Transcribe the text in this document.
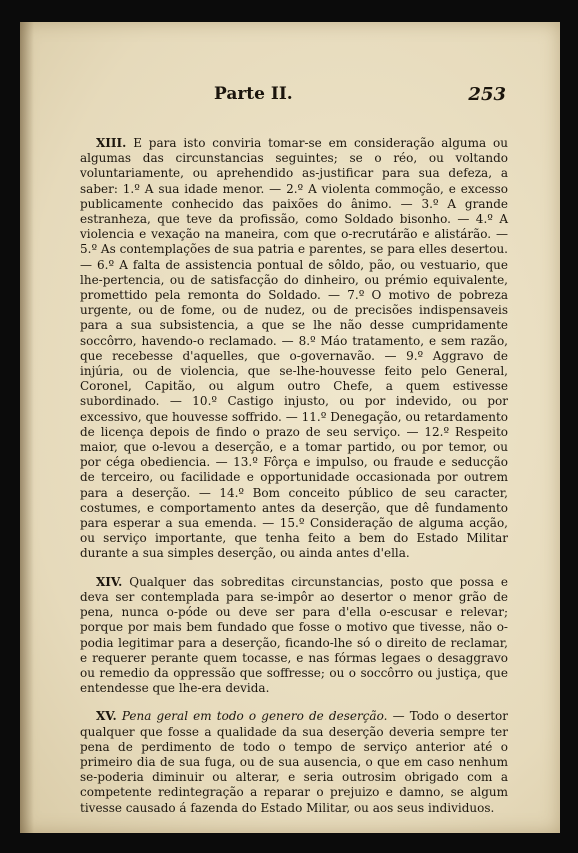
Parte II.	253

XIII. E para isto conviria tomar-se em consideração alguma ou algumas das circunstancias seguintes; se o réo, ou voltando voluntariamente, ou aprehendido as-justificar para sua defeza, a saber: 1.º A sua idade menor. — 2.º A violenta commoção, e excesso publicamente conhecido das paixões do ânimo. — 3.º A grande estranheza, que teve da profissão, como Soldado bisonho. — 4.º A violencia e vexação na maneira, com que o-recrutárão e alistárão. — 5.º As contemplações de sua patria e parentes, se para elles desertou. — 6.º A falta de assistencia pontual de sôldo, pão, ou vestuario, que lhe-pertencia, ou de satisfacção do dinheiro, ou prémio equivalente, promettido pela remonta do Soldado. — 7.º O motivo de pobreza urgente, ou de fome, ou de nudez, ou de precisões indispensaveis para a sua subsistencia, a que se lhe não desse cumpridamente soccôrro, havendo-o reclamado. — 8.º Máo tratamento, e sem razão, que recebesse d'aquelles, que o-governavão. — 9.º Aggravo de injúria, ou de violencia, que se-lhe-houvesse feito pelo General, Coronel, Capitão, ou algum outro Chefe, a quem estivesse subordinado. — 10.º Castigo injusto, ou por indevido, ou por excessivo, que houvesse soffrido. — 11.º Denegação, ou retardamento de licença depois de findo o prazo de seu serviço. — 12.º Respeito maior, que o-levou a deserção, e a tomar partido, ou por temor, ou por céga obediencia. — 13.º Fôrça e impulso, ou fraude e seducção de terceiro, ou facilidade e opportunidade occasionada por outrem para a deserção. — 14.º Bom conceito público de seu caracter, costumes, e comportamento antes da deserção, que dê fundamento para esperar a sua emenda. — 15.º Consideração de alguma acção, ou serviço importante, que tenha feito a bem do Estado Militar durante a sua simples deserção, ou ainda antes d'ella.

XIV. Qualquer das sobreditas circunstancias, posto que possa e deva ser contemplada para se-impôr ao desertor o menor grão de pena, nunca o-póde ou deve ser para d'ella o-escusar e relevar; porque por mais bem fundado que fosse o motivo que tivesse, não o-podia legitimar para a deserção, ficando-lhe só o direito de reclamar, e requerer perante quem tocasse, e nas fórmas legaes o desaggravo ou remedio da oppressão que soffresse; ou o soccôrro ou justiça, que entendesse que lhe-era devida.

XV. Pena geral em todo o genero de deserção. — Todo o desertor qualquer que fosse a qualidade da sua deserção deveria sempre ter pena de perdimento de todo o tempo de serviço anterior até o primeiro dia de sua fuga, ou de sua ausencia, o que em caso nenhum se-poderia diminuir ou alterar, e seria outrosim obrigado com a competente redintegração a reparar o prejuizo e damno, se algum tivesse causado á fazenda do Estado Militar, ou aos seus individuos.
